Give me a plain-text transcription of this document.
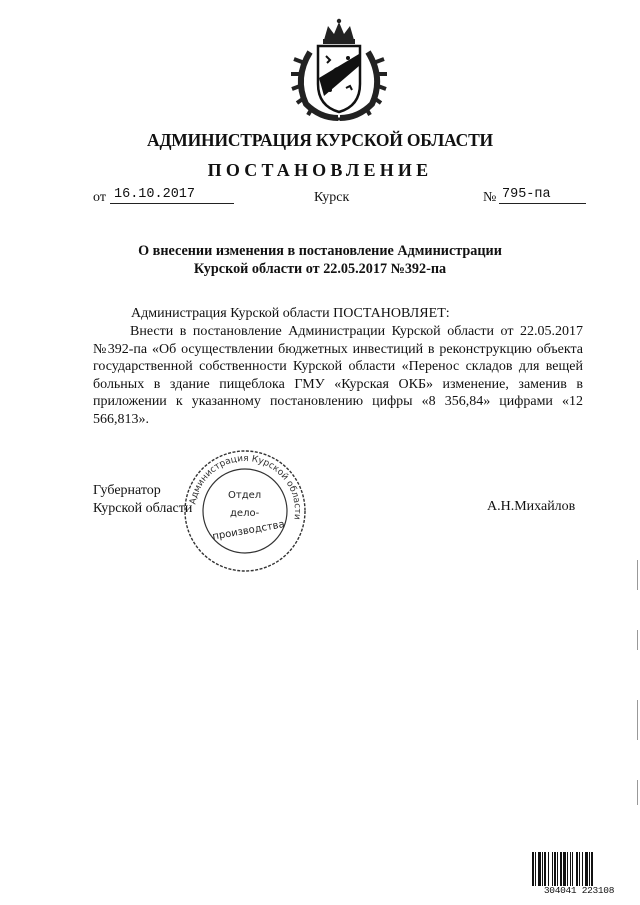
АДМИНИСТРАЦИЯ КУРСКОЙ ОБЛАСТИ
ПОСТАНОВЛЕНИЕ
от 16.10.2017	Курск	№ 795-па
О внесении изменения в постановление Администрации
Курской области от 22.05.2017 №392-па
Администрация Курской области ПОСТАНОВЛЯЕТ:
Внести в постановление Администрации Курской области от 22.05.2017 №392-па «Об осуществлении бюджетных инвестиций в реконструкцию объекта государственной собственности Курской области «Перенос складов для вещей больных в здание пищеблока ГМУ «Курская ОКБ» изменение, заменив в приложении к указанному постановлению цифры «8 356,84» цифрами «12 566,813».
Губернатор
Курской области	А.Н.Михайлов
Администрация Курской области
Отдел
дело-
производства
304041 223108
